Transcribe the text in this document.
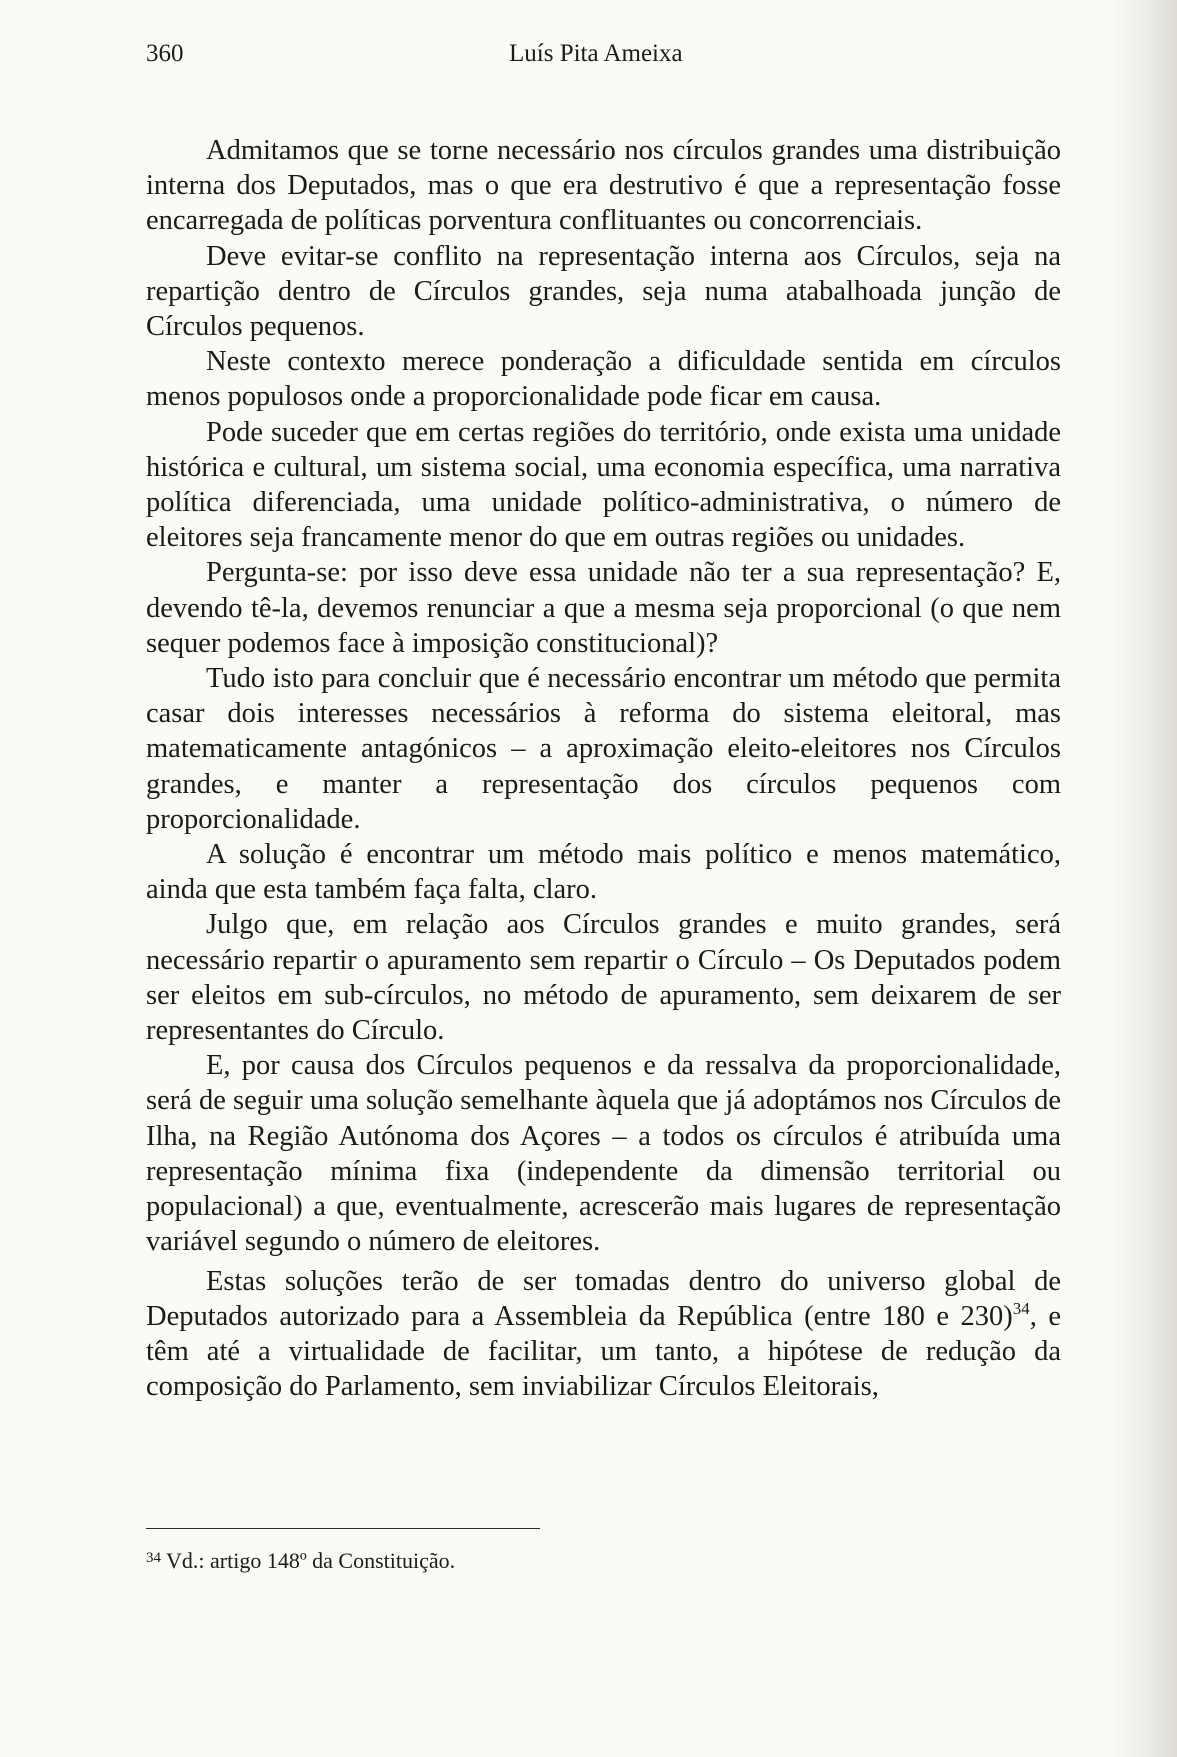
360	Luís Pita Ameixa

Admitamos que se torne necessário nos círculos grandes uma distribuição interna dos Deputados, mas o que era destrutivo é que a representação fosse encarregada de políticas porventura conflituantes ou concorrenciais.

Deve evitar-se conflito na representação interna aos Círculos, seja na repartição dentro de Círculos grandes, seja numa atabalhoada junção de Círculos pequenos.

Neste contexto merece ponderação a dificuldade sentida em círculos menos populosos onde a proporcionalidade pode ficar em causa.

Pode suceder que em certas regiões do território, onde exista uma unidade histórica e cultural, um sistema social, uma economia específica, uma narrativa política diferenciada, uma unidade político-administrativa, o número de eleitores seja francamente menor do que em outras regiões ou unidades.

Pergunta-se: por isso deve essa unidade não ter a sua representação? E, devendo tê-la, devemos renunciar a que a mesma seja proporcional (o que nem sequer podemos face à imposição constitucional)?

Tudo isto para concluir que é necessário encontrar um método que permita casar dois interesses necessários à reforma do sistema eleitoral, mas matematicamente antagónicos – a aproximação eleito-eleitores nos Círculos grandes, e manter a representação dos círculos pequenos com proporcionalidade.

A solução é encontrar um método mais político e menos matemático, ainda que esta também faça falta, claro.

Julgo que, em relação aos Círculos grandes e muito grandes, será necessário repartir o apuramento sem repartir o Círculo – Os Deputados podem ser eleitos em sub-círculos, no método de apuramento, sem deixarem de ser representantes do Círculo.

E, por causa dos Círculos pequenos e da ressalva da proporcionalidade, será de seguir uma solução semelhante àquela que já adoptámos nos Círculos de Ilha, na Região Autónoma dos Açores – a todos os círculos é atribuída uma representação mínima fixa (independente da dimensão territorial ou populacional) a que, eventualmente, acrescerão mais lugares de representação variável segundo o número de eleitores.

Estas soluções terão de ser tomadas dentro do universo global de Deputados autorizado para a Assembleia da República (entre 180 e 230)$^{34}$, e têm até a virtualidade de facilitar, um tanto, a hipótese de redução da composição do Parlamento, sem inviabilizar Círculos Eleitorais,

$^{34}$ Vd.: artigo 148º da Constituição.
